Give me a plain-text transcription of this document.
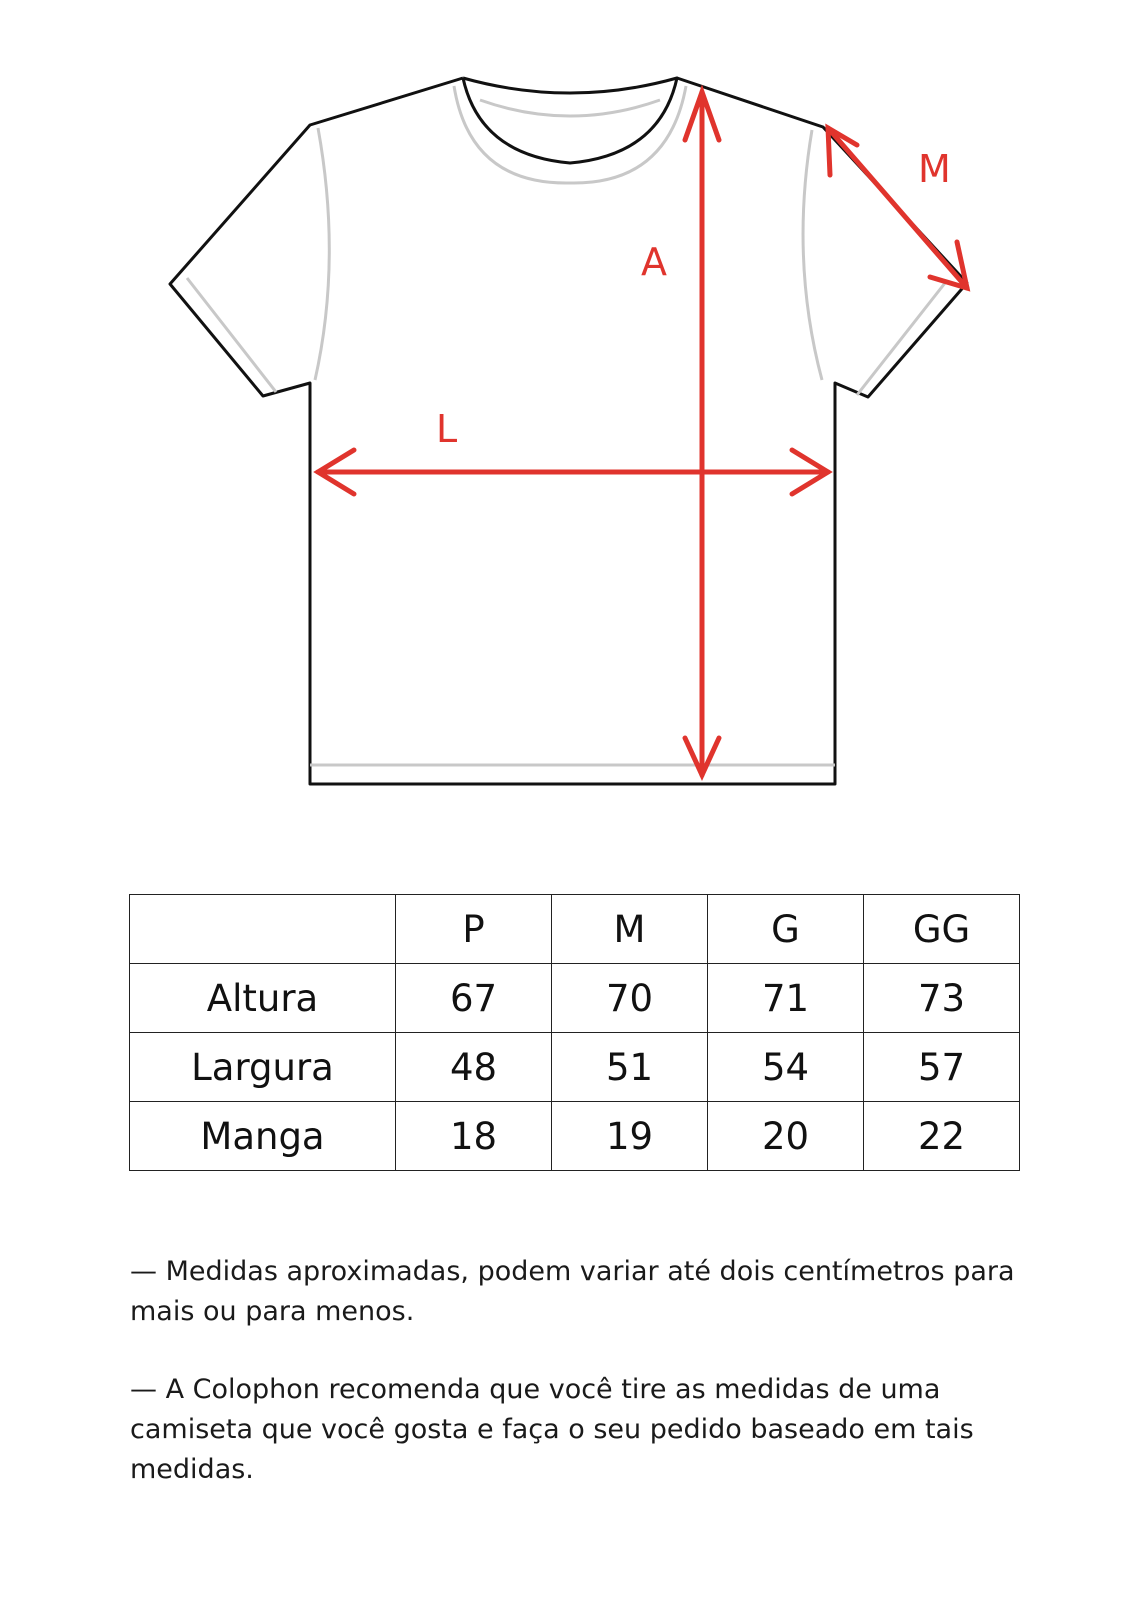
A
L
M
	P	M	G	GG
Altura	67	70	71	73
Largura	48	51	54	57
Manga	18	19	20	22

— Medidas aproximadas, podem variar até dois centímetros para mais ou para menos.

— A Colophon recomenda que você tire as medidas de uma camiseta que você gosta e faça o seu pedido baseado em tais medidas.
